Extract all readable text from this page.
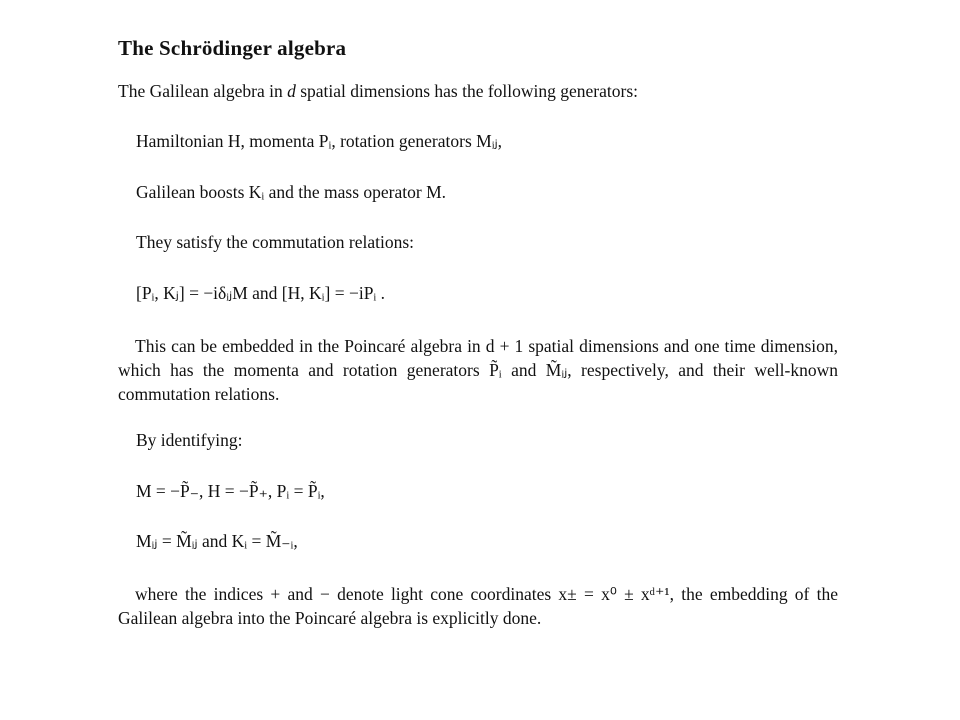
The Schrödinger algebra
The Galilean algebra in d spatial dimensions has the following generators:
Hamiltonian H, momenta Pᵢ, rotation generators Mᵢⱼ,
Galilean boosts Kᵢ and the mass operator M.
They satisfy the commutation relations:
[Pᵢ, Kⱼ] = −iδᵢⱼM and [H, Kᵢ] = −iPᵢ .
This can be embedded in the Poincaré algebra in d + 1 spatial dimensions and one time dimension, which has the momenta and rotation generators P̃ᵢ and M̃ᵢⱼ, respectively, and their well-known commutation relations.
By identifying:
M = −P̃₋, H = −P̃₊, Pᵢ = P̃ᵢ,
Mᵢⱼ = M̃ᵢⱼ and Kᵢ = M̃₋ᵢ,
where the indices + and − denote light cone coordinates x± = x⁰ ± xᵈ⁺¹, the embedding of the Galilean algebra into the Poincaré algebra is explicitly done.
